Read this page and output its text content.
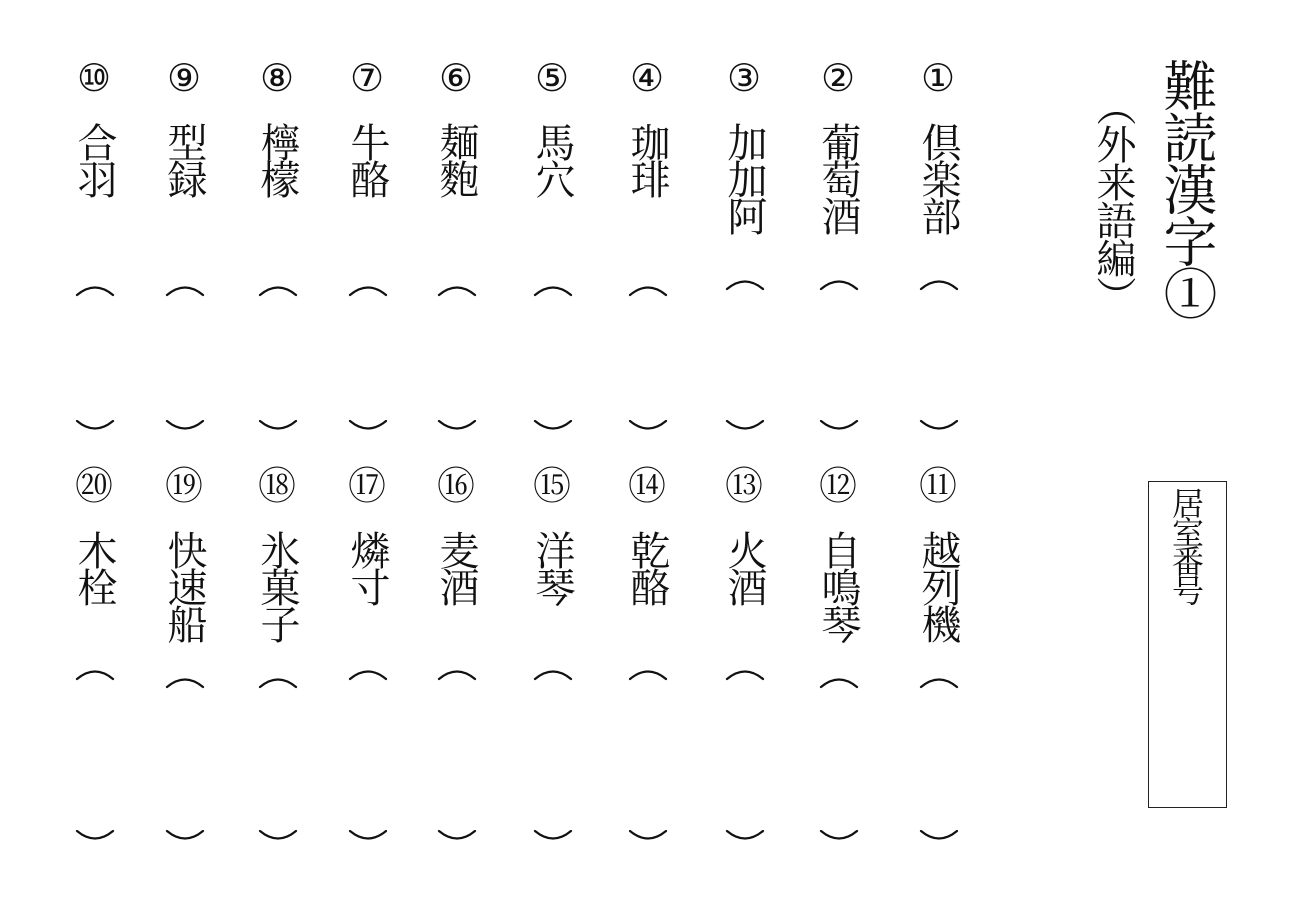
難読漢字①
（外来語編）
居室番号
①
倶楽部
②
葡萄酒
③
加加阿
④
珈琲
⑤
馬穴
⑥
麺麭
⑦
牛酪
⑧
檸檬
⑨
型録
⑩
合羽
⑪
越列機
⑫
自鳴琴
⑬
火酒
⑭
乾酪
⑮
洋琴
⑯
麦酒
⑰
燐寸
⑱
氷菓子
⑲
快速船
⑳
木栓
